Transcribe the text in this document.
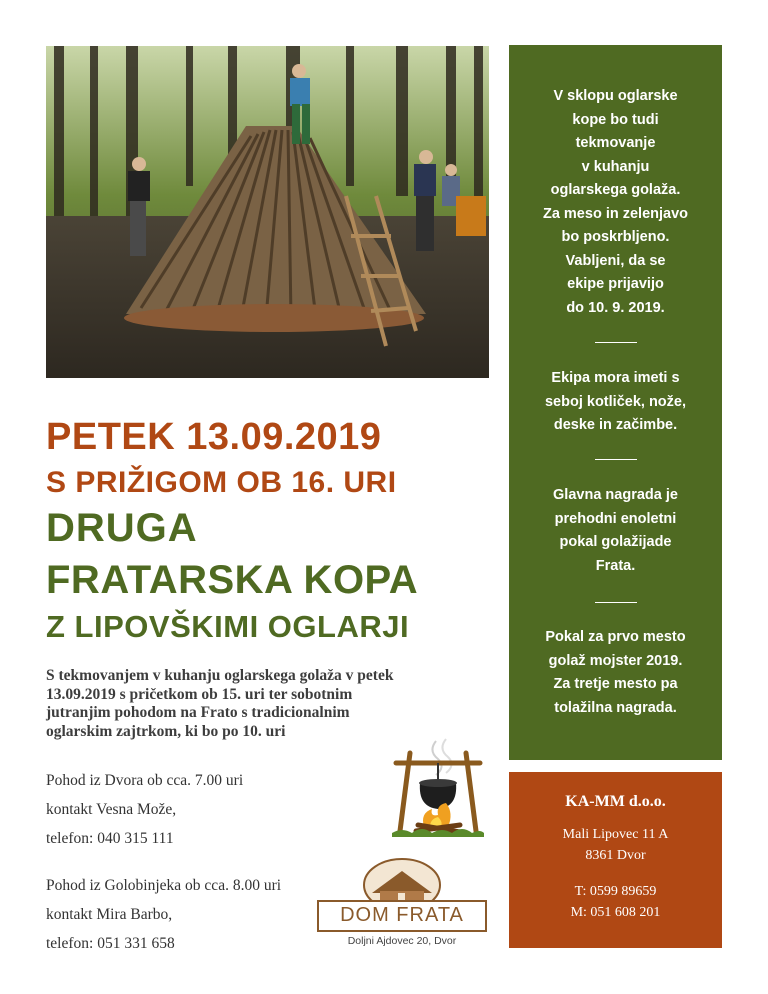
V sklopu oglarske
kope bo tudi
tekmovanje
v kuhanju
oglarskega golaža.
Za meso in zelenjavo
bo poskrbljeno.
Vabljeni, da se
ekipe prijavijo
do 10. 9. 2019.
Ekipa mora imeti s
seboj kotliček, nože,
deske in začimbe.
Glavna nagrada je
prehodni enoletni
pokal golažijade
Frata.
Pokal za prvo mesto
golaž mojster 2019.
Za tretje mesto pa
tolažilna nagrada.
KA-MM d.o.o.
Mali Lipovec 11 A
8361 Dvor
T: 0599 89659
M: 051 608 201
PETEK 13.09.2019
S PRIŽIGOM OB 16. URI
DRUGA
FRATARSKA KOPA
Z LIPOVŠKIMI OGLARJI
S tekmovanjem v kuhanju oglarskega golaža v petek
13.09.2019 s pričetkom ob 15. uri ter sobotnim
jutranjim pohodom na Frato s tradicionalnim
oglarskim zajtrkom, ki bo po 10. uri
Pohod iz Dvora ob cca. 7.00 uri
kontakt Vesna Može,
telefon: 040 315 111
Pohod iz Golobinjeka ob cca. 8.00 uri
kontakt Mira Barbo,
telefon: 051 331 658
DOM FRATA
Doljni Ajdovec 20, Dvor
